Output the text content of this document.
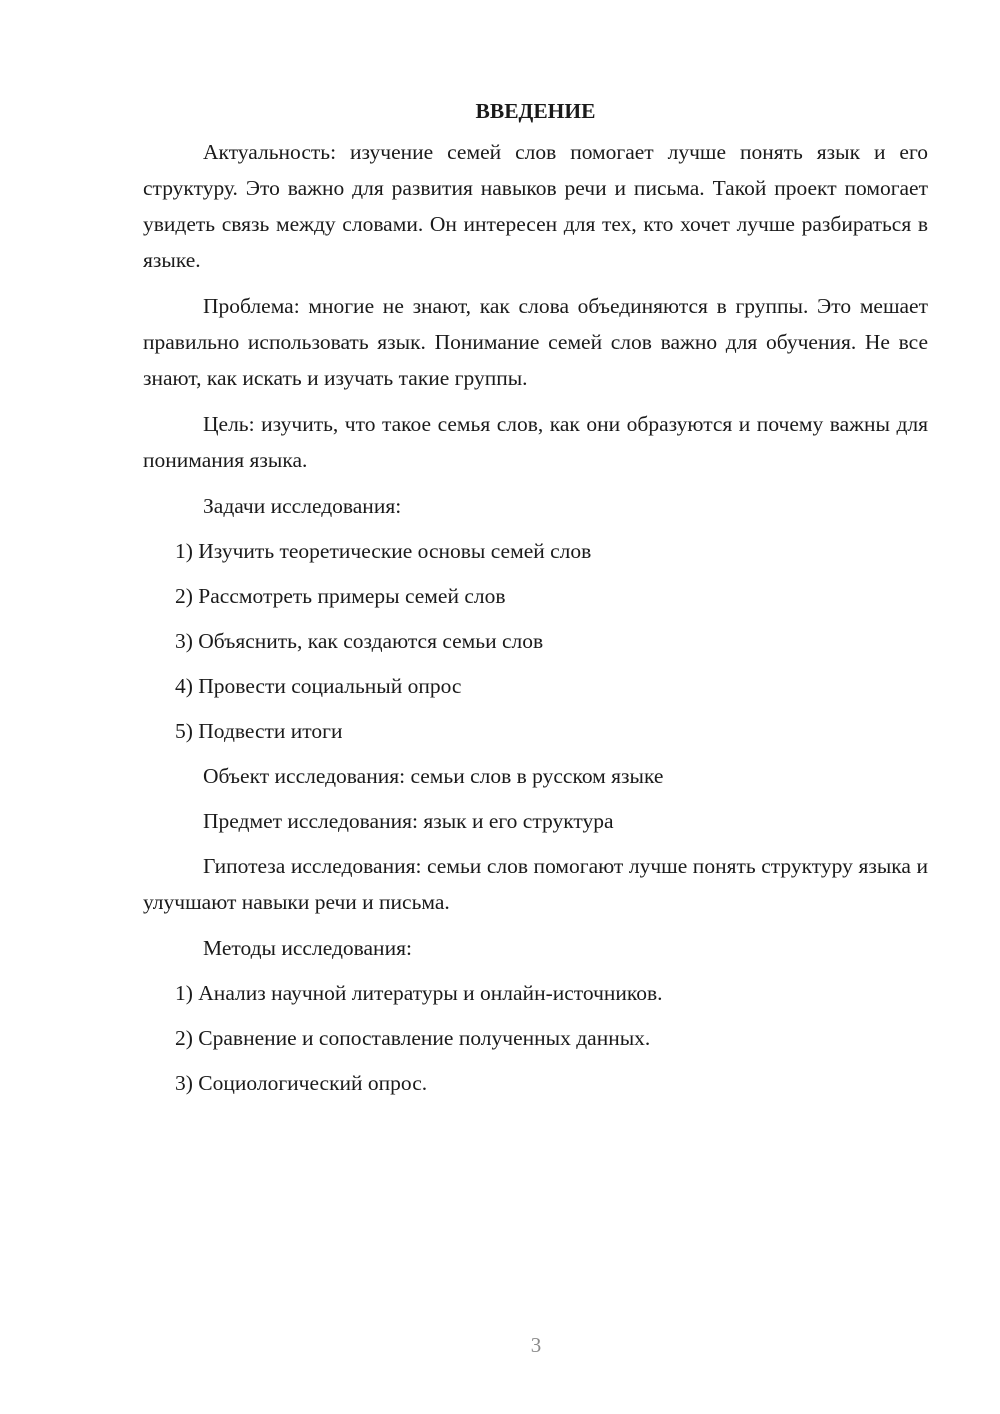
ВВЕДЕНИЕ

Актуальность: изучение семей слов помогает лучше понять язык и его структуру. Это важно для развития навыков речи и письма. Такой проект помогает увидеть связь между словами. Он интересен для тех, кто хочет лучше разбираться в языке.

Проблема: многие не знают, как слова объединяются в группы. Это мешает правильно использовать язык. Понимание семей слов важно для обучения. Не все знают, как искать и изучать такие группы.

Цель: изучить, что такое семья слов, как они образуются и почему важны для понимания языка.

Задачи исследования:

1) Изучить теоретические основы семей слов

2) Рассмотреть примеры семей слов

3) Объяснить, как создаются семьи слов

4) Провести социальный опрос

5) Подвести итоги

Объект исследования: семьи слов в русском языке

Предмет исследования: язык и его структура

Гипотеза исследования: семьи слов помогают лучше понять структуру языка и улучшают навыки речи и письма.

Методы исследования:

1) Анализ научной литературы и онлайн-источников.

2) Сравнение и сопоставление полученных данных.

3) Социологический опрос.

3
